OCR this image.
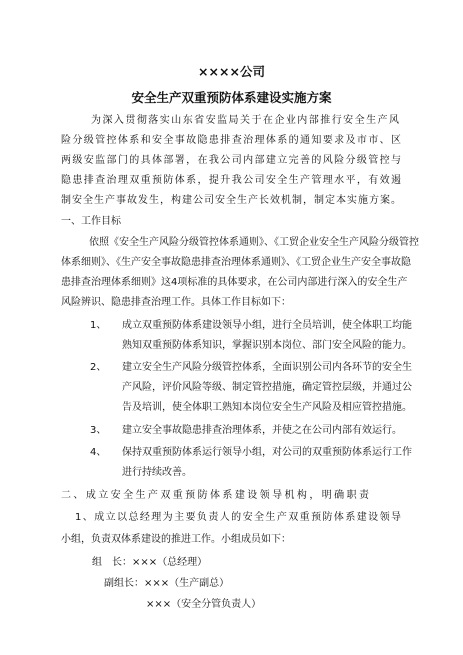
××××公司
安全生产双重预防体系建设实施方案
为深入贯彻落实山东省安监局关于在企业内部推行安全生产风
险分级管控体系和安全事故隐患排查治理体系的通知要求及市市、区
两级安监部门的具体部署，在我公司内部建立完善的风险分级管控与
隐患排查治理双重预防体系，提升我公司安全生产管理水平，有效遏
制安全生产事故发生，构建公司安全生产长效机制，制定本实施方案。
一、工作目标
依照《安全生产风险分级管控体系通则》、《工贸企业安全生产风险分级管控
体系细则》、《生产安全事故隐患排查治理体系通则》、《工贸企业生产安全事故隐
患排查治理体系细则》这4项标准的具体要求，在公司内部进行深入的安全生产
风险辨识、隐患排查治理工作。具体工作目标如下：
1、 成立双重预防体系建设领导小组，进行全员培训，使全体职工均能
熟知双重预防体系知识，掌握识别本岗位、部门安全风险的能力。
2、 建立安全生产风险分级管控体系，全面识别公司内各环节的安全生
产风险，评价风险等级、制定管控措施，确定管控层级，并通过公
告及培训，使全体职工熟知本岗位安全生产风险及相应管控措施。
3、 建立安全事故隐患排查治理体系，并使之在公司内部有效运行。
4、 保持双重预防体系运行领导小组，对公司的双重预防体系运行工作
进行持续改善。
二、成立安全生产双重预防体系建设领导机构，明确职责
1、成立以总经理为主要负责人的安全生产双重预防体系建设领导
小组，负责双体系建设的推进工作。小组成员如下：
组　长：×××（总经理）
副组长：×××（生产副总）
×××（安全分管负责人）
